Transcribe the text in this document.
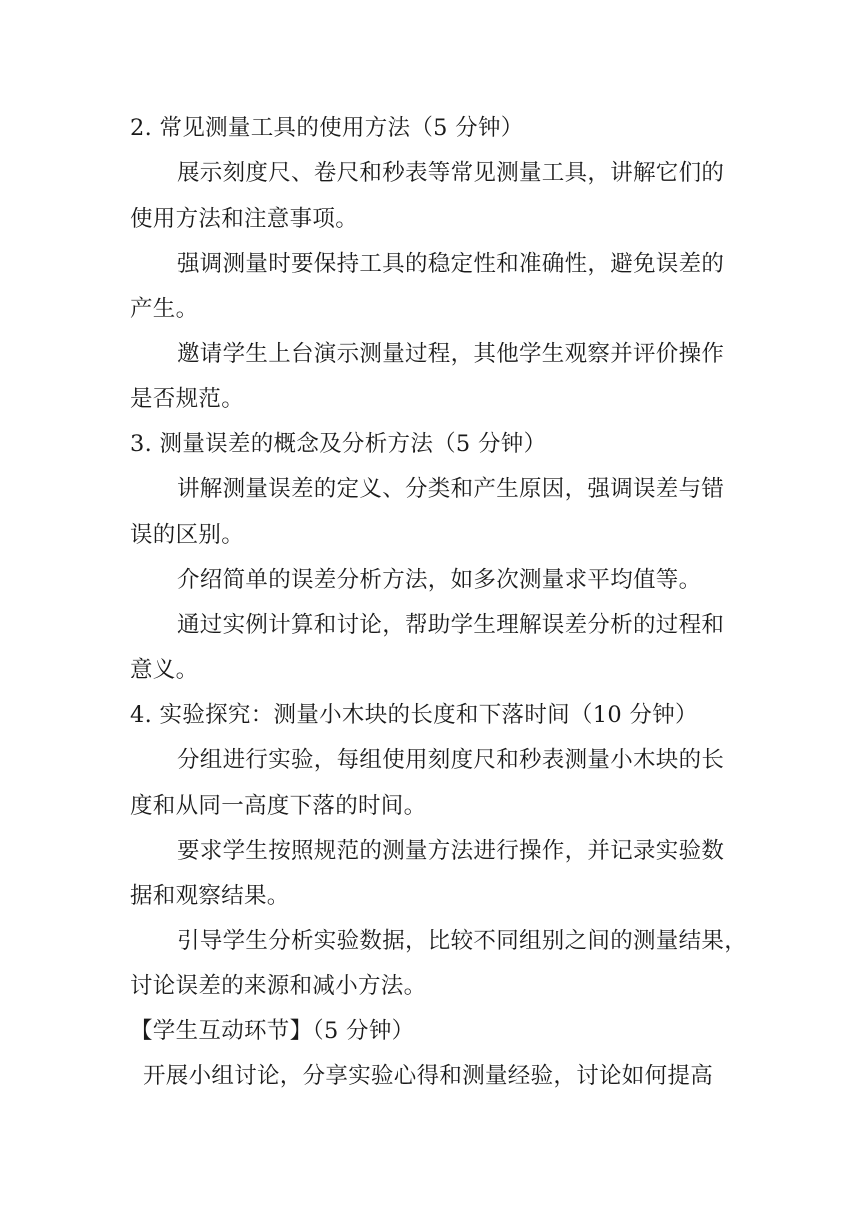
2. 常见测量工具的使用方法（5 分钟）
展示刻度尺、卷尺和秒表等常见测量工具，讲解它们的
使用方法和注意事项。
强调测量时要保持工具的稳定性和准确性，避免误差的
产生。
邀请学生上台演示测量过程，其他学生观察并评价操作
是否规范。
3. 测量误差的概念及分析方法（5 分钟）
讲解测量误差的定义、分类和产生原因，强调误差与错
误的区别。
介绍简单的误差分析方法，如多次测量求平均值等。
通过实例计算和讨论，帮助学生理解误差分析的过程和
意义。
4. 实验探究：测量小木块的长度和下落时间（10 分钟）
分组进行实验，每组使用刻度尺和秒表测量小木块的长
度和从同一高度下落的时间。
要求学生按照规范的测量方法进行操作，并记录实验数
据和观察结果。
引导学生分析实验数据，比较不同组别之间的测量结果，
讨论误差的来源和减小方法。
【学生互动环节】（5 分钟）
开展小组讨论，分享实验心得和测量经验，讨论如何提高
